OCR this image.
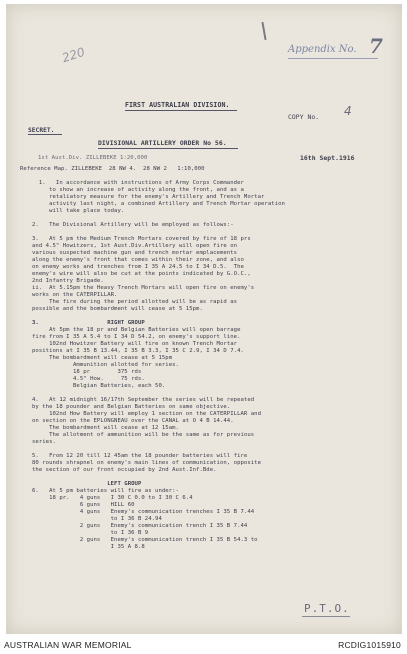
220	Appendix No. 7
FIRST AUSTRALIAN DIVISION.
COPY No. 4
SECRET.
DIVISIONAL ARTILLERY ORDER No 56.
1st Aust.Div. ZILLEBEKE 1:20,000	16th Sept.1916
Reference Map. ZILLEBEKE  28 NW 4.  28 NW 2   1:10,000
1.   In accordance with instructions of Army Corps Commander
to show an increase of activity along the front, and as a
retaliatory measure for the enemy's Artillery and Trench Mortar
activity last night, a combined Artillery and Trench Mortar operation
will take place today.
2.   The Divisional Artillery will be employed as follows:-
3.   At 5 pm the Medium Trench Mortars covered by fire of 18 prs
and 4.5" Howitzers, 1st Aust.Div.Artillery will open fire on
various suspected machine gun and trench mortar emplacements
along the enemy's front that comes within their zone, and also
on enemy works and trenches from I 35 A 24.5 to I 34 D.5.  The
enemy's wire will also be cut at the points indicated by G.O.C.,
2nd Infantry Brigade.
ii.  At 5.15pm the Heavy Trench Mortars will open fire on enemy's
works on the CATERPILLAR.
The fire during the period allotted will be as rapid as
possible and the bombardment will cease at 5 15pm.
3.                    RIGHT GROUP
At 5pm the 18 pr and Belgian Batteries will open barrage
fire from I 35 A 5.4 to I 34 D 54.2, on enemy's support line.
102nd Howitzer Battery will fire on known Trench Mortar
positions at I 35 B 13.44, I 35 B 3.3, I 35 C 2.9, I 34 D 7.4.
The bombardment will cease at 5 15pm
Ammunition allotted for series.
18 pr        375 rds
4.5" How.     75 rds.
Belgian Batteries, each 50.
4.   At 12 midnight 16/17th September the series will be repeated
by the 18 pounder and Belgian Batteries on same objective.
102nd How Battery will employ 1 section on the CATERPILLAR and
on section on the EPLONGNEAU over the CANAL at O 4 B 14.44.
The bombardment will cease at 12 15am.
The allotment of ammunition will be the same as for previous
series.
5.   From 12 20 till 12 45am the 18 pounder batteries will fire
80 rounds shrapnel on enemy's main lines of communication, opposite
the section of our front occupied by 2nd Aust.Inf.Bde.
LEFT GROUP
6.   At 5 pm batteries will fire as under:-
18 pr.   4 guns   I 30 C 0.0 to I 30 C 6.4
6 guns   HILL 60
4 guns   Enemy's communication trenches I 35 B 7.44
to I 36 B 24.94
2 guns   Enemy's communication trench I 35 B 7.44
to I 36 B 9
2 guns   Enemy's communication trench I 35 B 54.3 to
I 35 A 8.8
P.T.O.
AUSTRALIAN WAR MEMORIAL	RCDIG1015910
